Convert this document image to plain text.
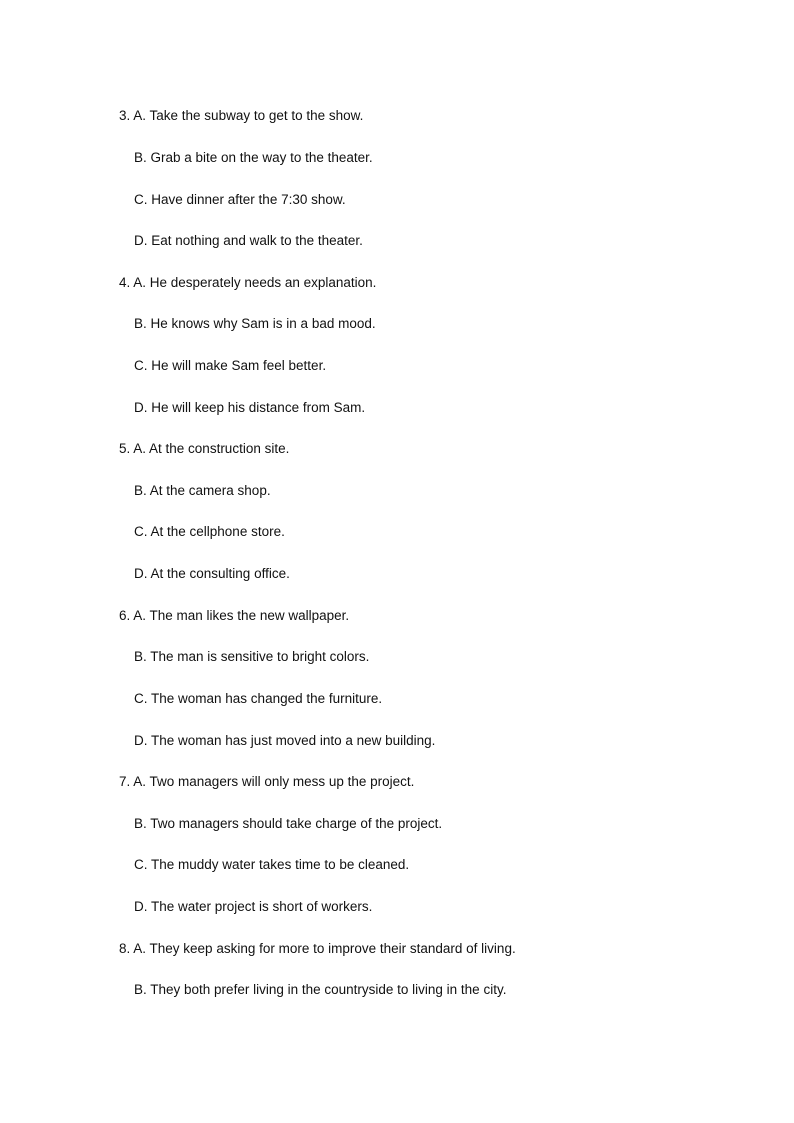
3. A. Take the subway to get to the show.
B. Grab a bite on the way to the theater.
C. Have dinner after the 7:30 show.
D. Eat nothing and walk to the theater.
4. A. He desperately needs an explanation.
B. He knows why Sam is in a bad mood.
C. He will make Sam feel better.
D. He will keep his distance from Sam.
5. A. At the construction site.
B. At the camera shop.
C. At the cellphone store.
D. At the consulting office.
6. A. The man likes the new wallpaper.
B. The man is sensitive to bright colors.
C. The woman has changed the furniture.
D. The woman has just moved into a new building.
7. A. Two managers will only mess up the project.
B. Two managers should take charge of the project.
C. The muddy water takes time to be cleaned.
D. The water project is short of workers.
8. A. They keep asking for more to improve their standard of living.
B. They both prefer living in the countryside to living in the city.
